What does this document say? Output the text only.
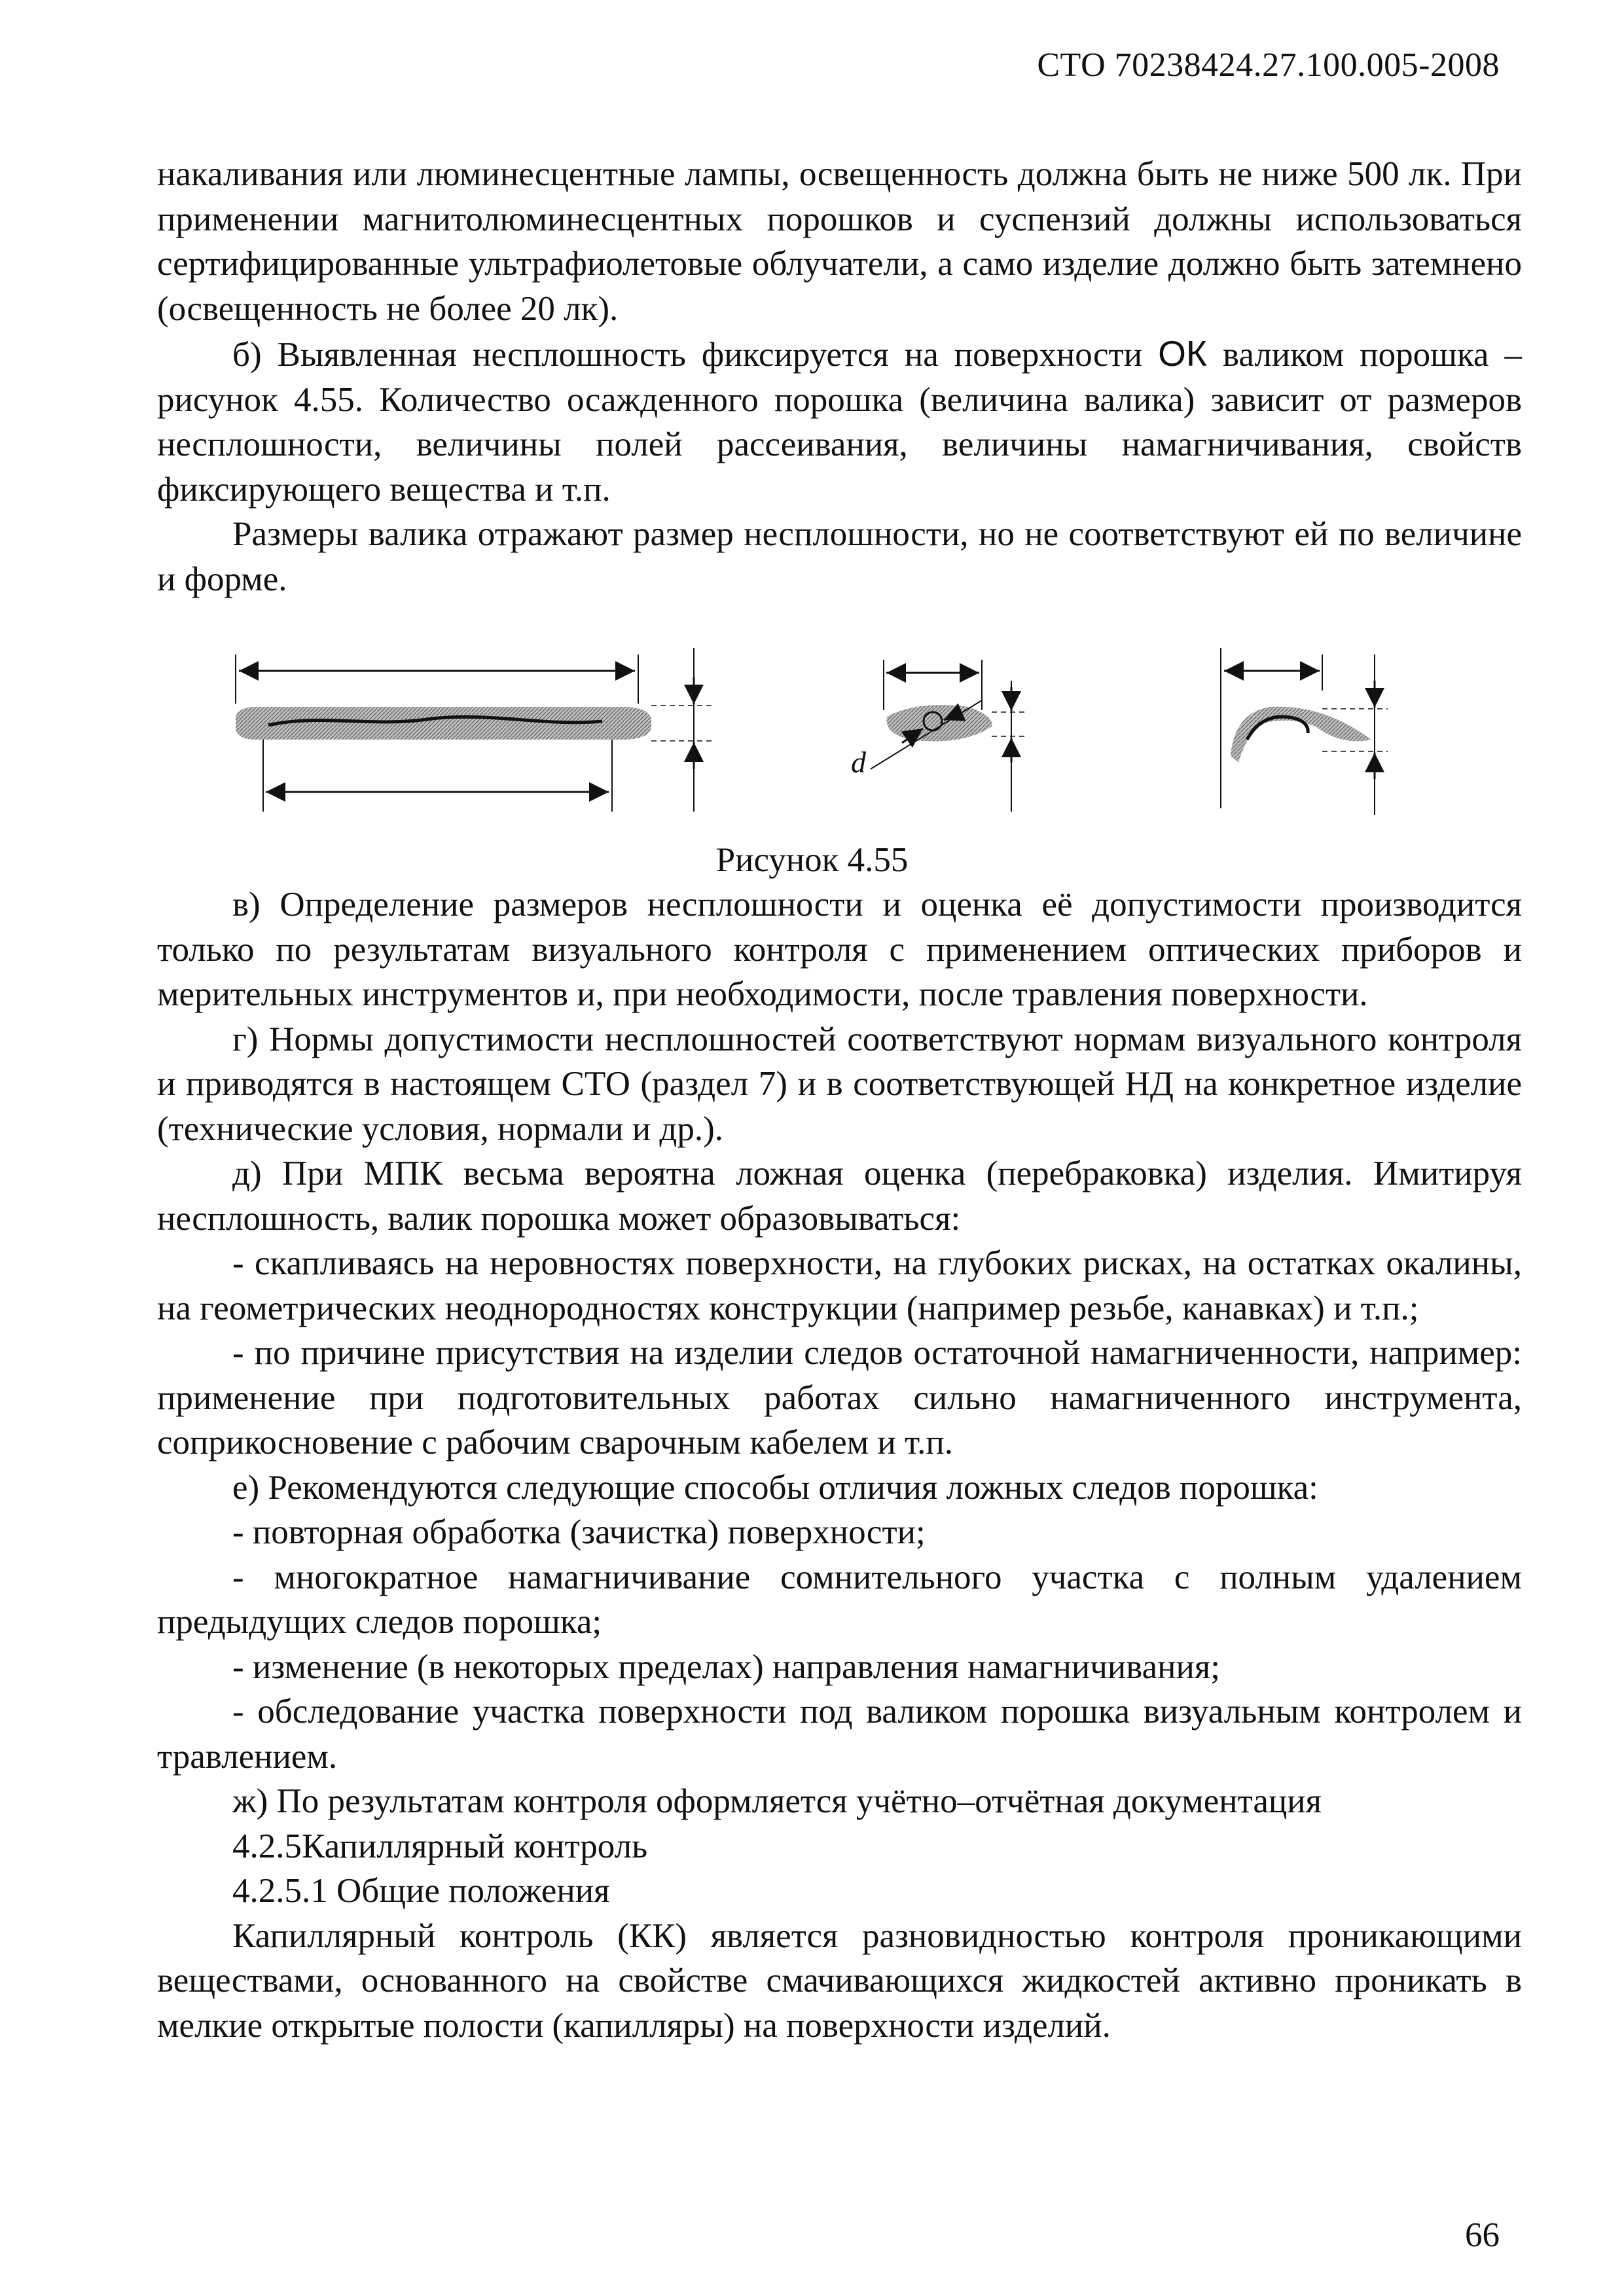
СТО 70238424.27.100.005-2008

накаливания или люминесцентные лампы, освещенность должна быть не ниже 500 лк. При применении магнитолюминесцентных порошков и суспензий должны использоваться сертифицированные ультрафиолетовые облучатели, а само изделие должно быть затемнено (освещенность не более 20 лк).

б) Выявленная несплошность фиксируется на поверхности ОК валиком порошка – рисунок 4.55. Количество осажденного порошка (величина валика) зависит от размеров несплошности, величины полей рассеивания, величины намагничивания, свойств фиксирующего вещества и т.п.

Размеры валика отражают размер несплошности, но не соответствуют ей по величине и форме.

d
Рисунок 4.55

в) Определение размеров несплошности и оценка её допустимости производится только по результатам визуального контроля с применением оптических приборов и мерительных инструментов и, при необходимости, после травления поверхности.

г) Нормы допустимости несплошностей соответствуют нормам визуального контроля и приводятся в настоящем СТО (раздел 7) и в соответствующей НД на конкретное изделие (технические условия, нормали и др.).

д) При МПК весьма вероятна ложная оценка (перебраковка) изделия. Имитируя несплошность, валик порошка может образовываться:

- скапливаясь на неровностях поверхности, на глубоких рисках, на остатках окалины, на геометрических неоднородностях конструкции (например резьбе, канавках) и т.п.;

- по причине присутствия на изделии следов остаточной намагниченности, например: применение при подготовительных работах сильно намагниченного инструмента, соприкосновение с рабочим сварочным кабелем и т.п.

е) Рекомендуются следующие способы отличия ложных следов порошка:

- повторная обработка (зачистка) поверхности;

- многократное намагничивание сомнительного участка с полным удалением предыдущих следов порошка;

- изменение (в некоторых пределах) направления намагничивания;

- обследование участка поверхности под валиком порошка визуальным контролем и травлением.

ж) По результатам контроля оформляется учётно–отчётная документация

4.2.5Капиллярный контроль

4.2.5.1 Общие положения

Капиллярный контроль (КК) является разновидностью контроля проникающими веществами, основанного на свойстве смачивающихся жидкостей активно проникать в мелкие открытые полости (капилляры) на поверхности изделий.

66
